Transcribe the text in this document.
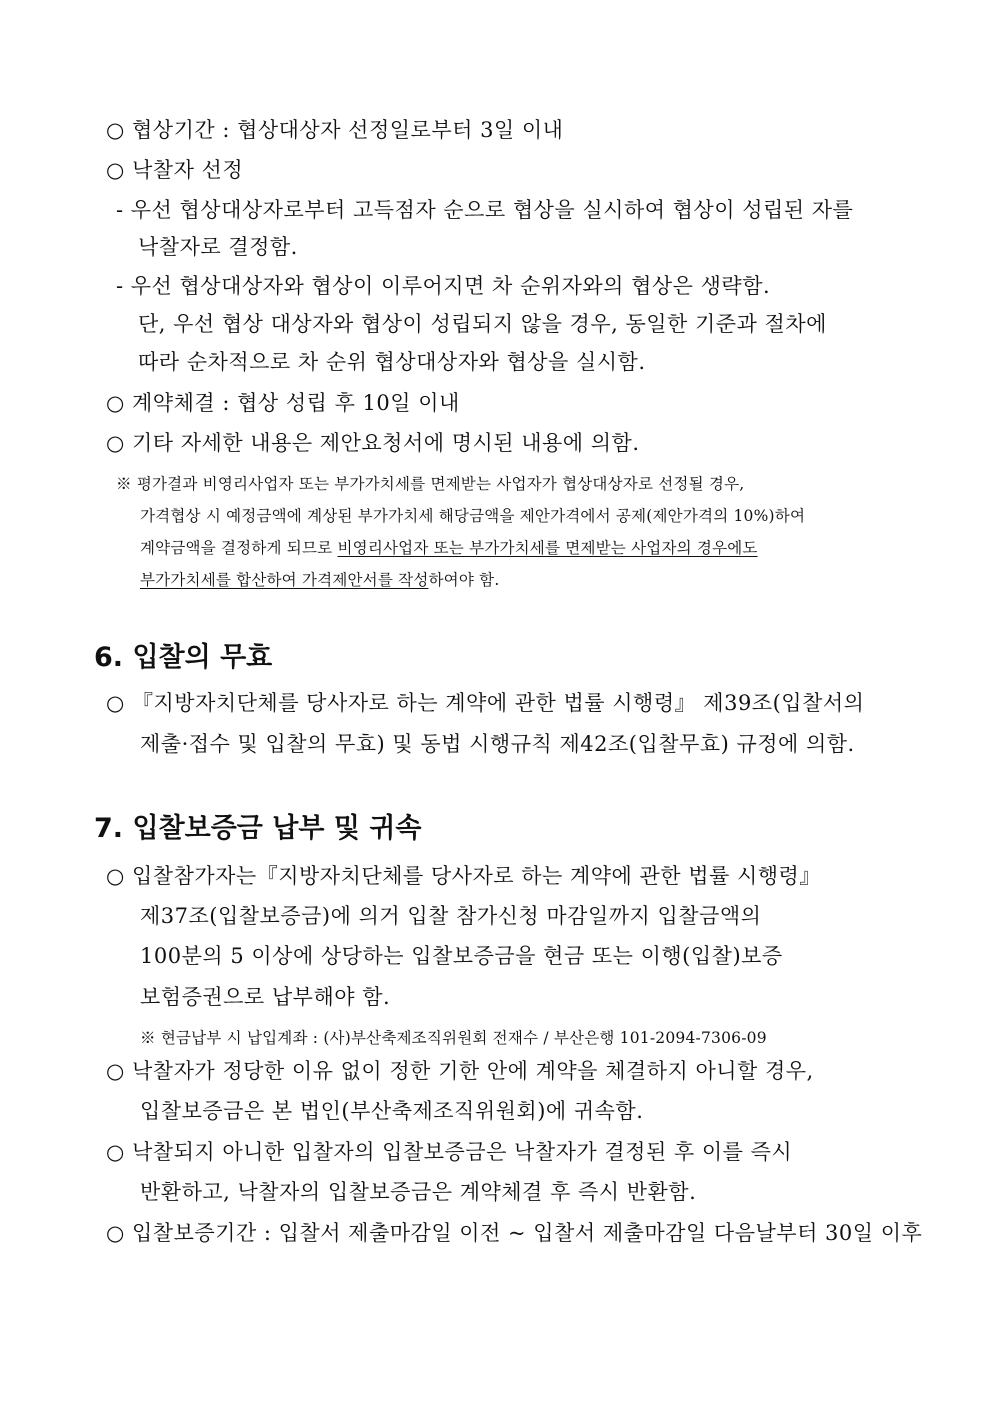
○ 협상기간 : 협상대상자 선정일로부터 3일 이내
○ 낙찰자 선정
- 우선 협상대상자로부터 고득점자 순으로 협상을 실시하여 협상이 성립된 자를
낙찰자로 결정함.
- 우선 협상대상자와 협상이 이루어지면 차 순위자와의 협상은 생략함.
단, 우선 협상 대상자와 협상이 성립되지 않을 경우, 동일한 기준과 절차에
따라 순차적으로 차 순위 협상대상자와 협상을 실시함.
○ 계약체결 : 협상 성립 후 10일 이내
○ 기타 자세한 내용은 제안요청서에 명시된 내용에 의함.
※ 평가결과 비영리사업자 또는 부가가치세를 면제받는 사업자가 협상대상자로 선정될 경우,
가격협상 시 예정금액에 계상된 부가가치세 해당금액을 제안가격에서 공제(제안가격의 10%)하여
계약금액을 결정하게 되므로 비영리사업자 또는 부가가치세를 면제받는 사업자의 경우에도
부가가치세를 합산하여 가격제안서를 작성하여야 함.
6. 입찰의 무효
○ 『지방자치단체를 당사자로 하는 계약에 관한 법률 시행령』 제39조(입찰서의
제출·접수 및 입찰의 무효) 및 동법 시행규칙 제42조(입찰무효) 규정에 의함.
7. 입찰보증금 납부 및 귀속
○ 입찰참가자는『지방자치단체를 당사자로 하는 계약에 관한 법률 시행령』
제37조(입찰보증금)에 의거 입찰 참가신청 마감일까지 입찰금액의
100분의 5 이상에 상당하는 입찰보증금을 현금 또는 이행(입찰)보증
보험증권으로 납부해야 함.
※ 현금납부 시 납입계좌 : (사)부산축제조직위원회 전재수 / 부산은행 101-2094-7306-09
○ 낙찰자가 정당한 이유 없이 정한 기한 안에 계약을 체결하지 아니할 경우,
입찰보증금은 본 법인(부산축제조직위원회)에 귀속함.
○ 낙찰되지 아니한 입찰자의 입찰보증금은 낙찰자가 결정된 후 이를 즉시
반환하고, 낙찰자의 입찰보증금은 계약체결 후 즉시 반환함.
○ 입찰보증기간 : 입찰서 제출마감일 이전 ~ 입찰서 제출마감일 다음날부터 30일 이후
